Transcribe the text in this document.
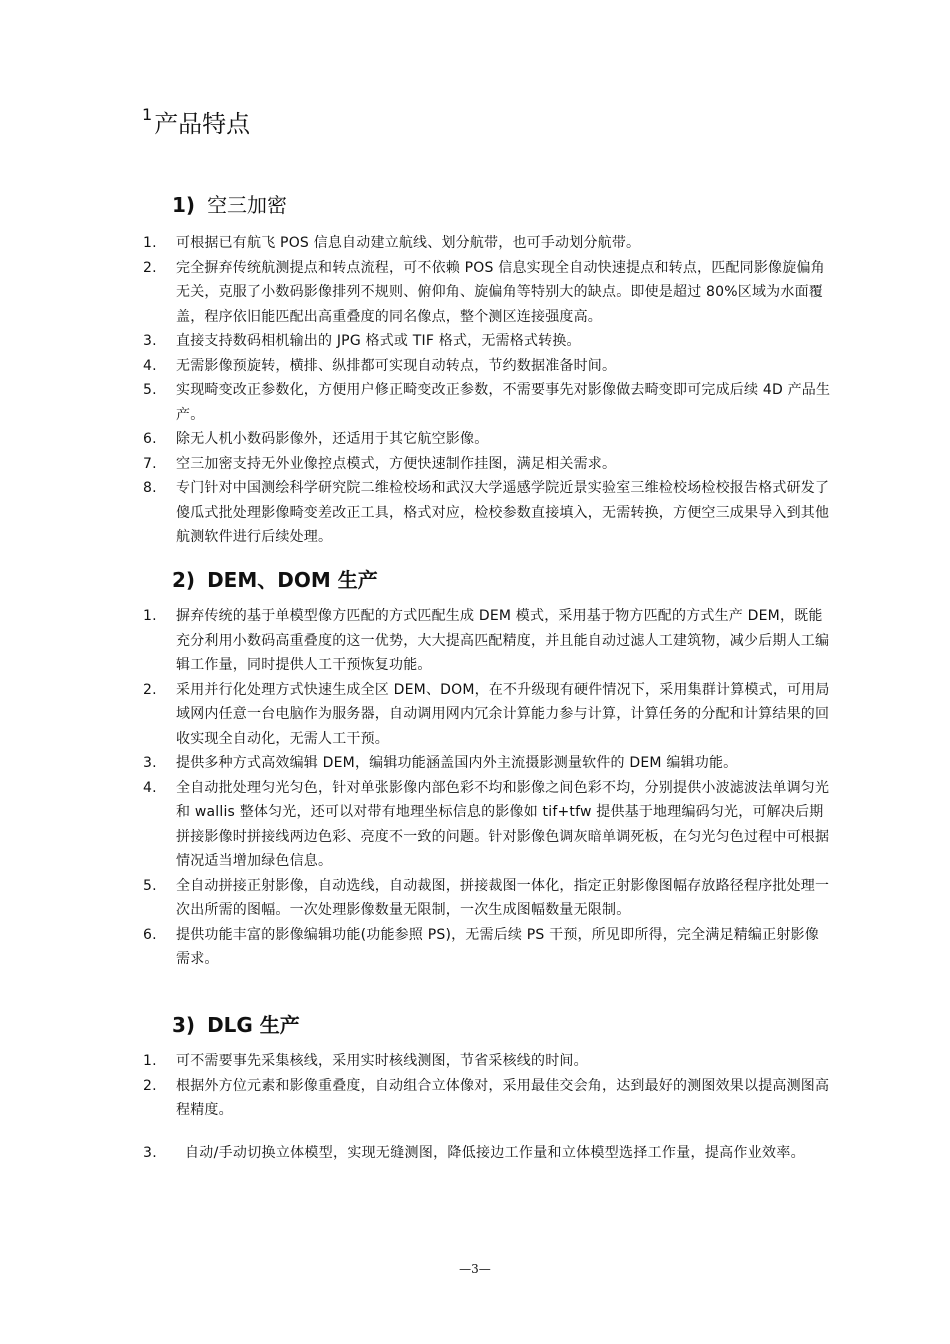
$^1$产品特点
1) 空三加密
1.	可根据已有航飞 POS 信息自动建立航线、划分航带，也可手动划分航带。
2.	完全摒弃传统航测提点和转点流程，可不依赖 POS 信息实现全自动快速提点和转点，匹配同影像旋偏角无关，克服了小数码影像排列不规则、俯仰角、旋偏角等特别大的缺点。即使是超过 80%区域为水面覆盖，程序依旧能匹配出高重叠度的同名像点，整个测区连接强度高。
3.	直接支持数码相机输出的 JPG 格式或 TIF 格式，无需格式转换。
4.	无需影像预旋转，横排、纵排都可实现自动转点，节约数据准备时间。
5.	实现畸变改正参数化，方便用户修正畸变改正参数，不需要事先对影像做去畸变即可完成后续 4D 产品生产。
6.	除无人机小数码影像外，还适用于其它航空影像。
7.	空三加密支持无外业像控点模式，方便快速制作挂图，满足相关需求。
8.	专门针对中国测绘科学研究院二维检校场和武汉大学遥感学院近景实验室三维检校场检校报告格式研发了傻瓜式批处理影像畸变差改正工具，格式对应，检校参数直接填入，无需转换，方便空三成果导入到其他航测软件进行后续处理。
2) DEM、DOM 生产
1.	摒弃传统的基于单模型像方匹配的方式匹配生成 DEM 模式，采用基于物方匹配的方式生产 DEM，既能充分利用小数码高重叠度的这一优势，大大提高匹配精度，并且能自动过滤人工建筑物，减少后期人工编辑工作量，同时提供人工干预恢复功能。
2.	采用并行化处理方式快速生成全区 DEM、DOM，在不升级现有硬件情况下，采用集群计算模式，可用局域网内任意一台电脑作为服务器，自动调用网内冗余计算能力参与计算，计算任务的分配和计算结果的回收实现全自动化，无需人工干预。
3.	提供多种方式高效编辑 DEM，编辑功能涵盖国内外主流摄影测量软件的 DEM 编辑功能。
4.	全自动批处理匀光匀色，针对单张影像内部色彩不均和影像之间色彩不均，分别提供小波滤波法单调匀光和 wallis 整体匀光，还可以对带有地理坐标信息的影像如 tif+tfw 提供基于地理编码匀光，可解决后期拼接影像时拼接线两边色彩、亮度不一致的问题。针对影像色调灰暗单调死板，在匀光匀色过程中可根据情况适当增加绿色信息。
5.	全自动拼接正射影像，自动选线，自动裁图，拼接裁图一体化，指定正射影像图幅存放路径程序批处理一次出所需的图幅。一次处理影像数量无限制，一次生成图幅数量无限制。
6.	提供功能丰富的影像编辑功能(功能参照 PS)，无需后续 PS 干预，所见即所得，完全满足精编正射影像需求。
3) DLG 生产
1.	可不需要事先采集核线，采用实时核线测图，节省采核线的时间。
2.	根据外方位元素和影像重叠度，自动组合立体像对，采用最佳交会角，达到最好的测图效果以提高测图高程精度。
3. 自动/手动切换立体模型，实现无缝测图，降低接边工作量和立体模型选择工作量，提高作业效率。
—3—
